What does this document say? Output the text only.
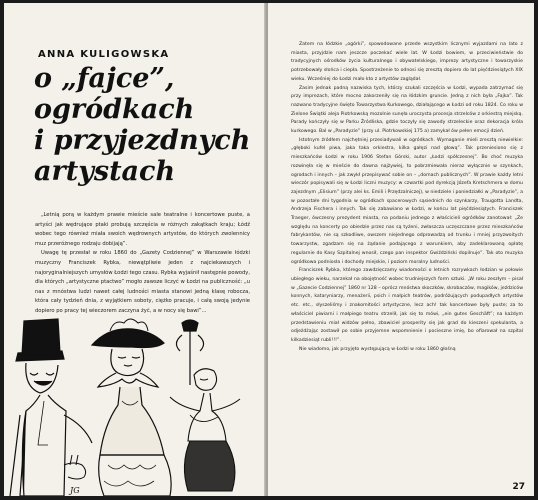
ANNA KULIGOWSKA
o „fajce”,
ogródkach
i przyjezdnych
artystach

„Letnią porą w każdym prawie mieście sale teatralne i koncertowe puste, a artyści jak wędrujące ptaki probują szczęścia w różnych zakątkach kraju; Łódź wobec tego również miała swoich wędrownych artystów, do których zwolennicy muz przeróżnego rodzaju dobijają”.

Uwagę tę przesłał w roku 1860 do „Gazety Codziennej” w Warszawie łódzki muzyczny Franciszek Rybka, niewątpliwie jeden z najciekawszych i najoryginalniejszych umysłów Łodzi tego czasu. Rybka wyjaśnił następnie powody, dla których „artystyczne ptactwo” mogło zawsze liczyć w Łodzi na publiczność: „u nas z mnóstwa ludzi nawet całej ludności miasta stanowi jedną klasę robocza, która cały tydzień dnia, z wyjątkiem soboty, ciężko pracuje, i całą swoją jedynie dopiero po pracy tej wieczorem zaczyna żyć, a w nocy się bawi”...

JG

Zatem na łódzkie „ogórki”, spowodowane przede wszystkim licznymi wyjazdami na lato z miasta, przyjdzie nam jeszcze poczekać wiele lat. W Łodzi bowiem, w przeciwieństwie do tradycyjnych ośrodków życia kulturalnego i obywatelskiego, imprezy artystyczne i towarzyskie potrzebowały słońca i ciepła. Spostrzeżenie to odnosi się zresztą dopiero do lat pięćdziesiątych XIX wieku. Wcześniej do Łodzi mało kto z artystów zaglądał.

Zasim jednak padną nazwiska tych, którzy szukali szczęścia w Łodzi, wypada zatrzymać się przy imprezach, które mocno zakorzeniły się na łódzkim gruncie. Jedną z nich była „Fajka”. Tak nazwano tradycyjne święto Towarzystwa Kurkowego, działającego w Łodzi od roku 1824. Co roku w Zielone Świątki aleja Piotrkowską mozolnie sunęła uroczysta procesja strzelców z orkiestrą miejską. Parady kończyły się w Parku Źródliska, gdzie toczyły się zawody strzeleckie oraz dekoracja króla kurkowego. Bal w „Paradyzie” (przy ul. Piotrkowskiej 175 a) zamykał ów pełen emocji dzień.

Istotnym źródłem najchętniej przesiadywali w ogródkach. Wymaganie mieli zresztą niewielkie: „głęboki kufel piwa, jaka taka orkiestra, kilka gałęzi nad głową”. Tak przeniesiono się z mieszkańców Łodzi w roku 1906 Stefan Górski, autor „Łodzi spółczesnej”. Bo choć muzyka rozwinęła się w mieście do dawna najżywiej, to pobrzmiewała nieraz wyłącznie w szynkach, ogrodach i innych – jak zwykł przepisywać sobie on – „domach publicznych”. W prawie każdy letni wieczór popisywali się w Łodzi liczni muzycy: w czwartki pod dyrekcją Józefa Kretschmera w domu zajezdnym „Elisium” (przy alei ks. Emili i Przędzalniczej), w niedziele i poniedziałki w „Paradyzie”, a w pozostałe dni tygodnia w ogródkach spacerowych sąsiednich do szynkarzy, Traugotta Landta, Andrzeja Fischera i innych. Tak się zabawiano w Łodzi, w końcu lat pięćdziesiątych. Franciszek Traeger, ówczesny prezydent miasta, na podaniu jednego z właścicieli ogródków zanotował: „Ze względu na koncerty po obiedzie przez nas są tyżeni, zwłaszcza uczęszczane przez mieszkańców fabrykantów, nie są szkodliwe, owszem niejednego odprowadzą od trunku i mniej przyzwoitych towarzystw, zgadzam się na żądanie podającego z warunkiem, aby zadeklarowaną opłatę regularnie do Kasy Szpitalnej wnosił, czego pan inspektor Gwiździński dopilnuje”. Tak oto muzyka ogródkowa podniosła i dochody miejskie, i poziom moralny ludności.

Franciszek Rybka, którego zawdzięczamy wiadomości o letnich rozrywkach łodzian w połowie ubiegłego wieku, narzekał na obojętność wobec trudniejszych form sztuki. „W roku zeszłym – pisał w „Gazecie Codziennej” 1860 nr 128 – oprócz mnóstwa skoczków, skrobaczów, magików, jeździców konnych, kataryniarzy, menażerii, psich i małpich teatrów, podróżujących podupadłych artystów etc. etc., słyszeliśmy i znakomitości artystyczne, lecz ach! tak koncertowe były puste; za to właściciel piwiarni i małpiego teatru strzelił, jak się to mówi, „ein gutes Geschäft”; na każdym przedstawieniu miał widzów pełno, zbawiciel prosperity się jak grad do kieszeni spekulanta, a odjeżdżając zostawił po sobie przyjemne wspomnienie i pocieszne imię, bo ofiarował na szpital kilkadziesiąt rubli!!!”.

Nie wiadomo, jak przyjęto występującą w Łodzi w roku 1860 głośną

27
